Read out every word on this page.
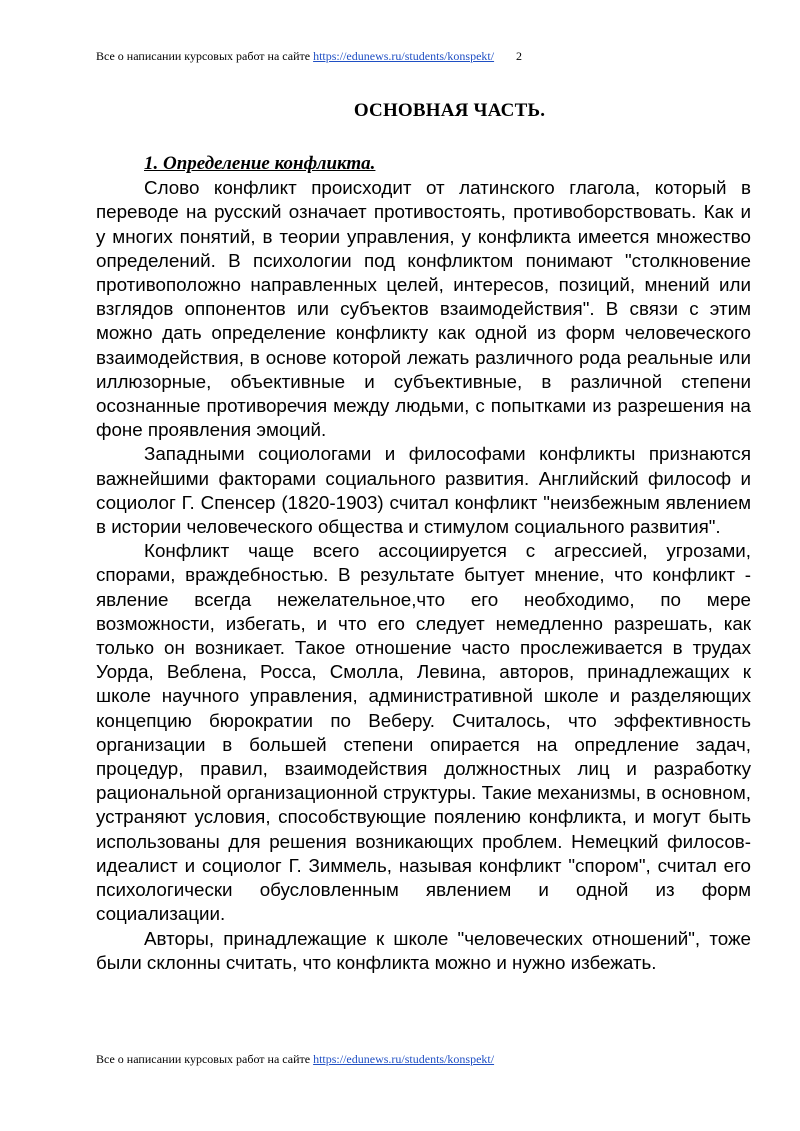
Все о написании курсовых работ на сайте https://edunews.ru/students/konspekt/ 2
ОСНОВНАЯ ЧАСТЬ.
1. Определение конфликта.

Слово конфликт происходит от латинского глагола, который в переводе на русский означает противостоять, противоборствовать. Как и у многих понятий, в теории управления, у конфликта имеется множество определений. В психологии под конфликтом понимают "столкновение противоположно направленных целей, интересов, позиций, мнений или взглядов оппонентов или субъектов взаимодействия". В связи с этим можно дать определение конфликту как одной из форм человеческого взаимодействия, в основе которой лежать различного рода реальные или иллюзорные, объективные и субъективные, в различной степени осознанные противоречия между людьми, с попытками из разрешения на фоне проявления эмоций.

Западными социологами и философами конфликты признаются важнейшими факторами социального развития. Английский философ и социолог Г. Спенсер (1820-1903) считал конфликт "неизбежным явлением в истории человеческого общества и стимулом социального развития".

Конфликт чаще всего ассоциируется с агрессией, угрозами, спорами, враждебностью. В результате бытует мнение, что конфликт - явление всегда нежелательное,что его необходимо, по мере возможности, избегать, и что его следует немедленно разрешать, как только он возникает. Такое отношение часто прослеживается в трудах Уорда, Веблена, Росса, Смолла, Левина, авторов, принадлежащих к школе научного управления, административной школе и разделяющих концепцию бюрократии по Веберу. Считалось, что эффективность организации в большей степени опирается на опредление задач, процедур, правил, взаимодействия должностных лиц и разработку рациональной организационной структуры. Такие механизмы, в основном, устраняют условия, способствующие поялению конфликта, и могут быть использованы для решения возникающих проблем. Немецкий филосов-идеалист и социолог Г. Зиммель, называя конфликт "спором", считал его психологически обусловленным явлением и одной из форм социализации.

Авторы, принадлежащие к школе "человеческих отношений", тоже были склонны считать, что конфликта можно и нужно избежать.

Все о написании курсовых работ на сайте https://edunews.ru/students/konspekt/
